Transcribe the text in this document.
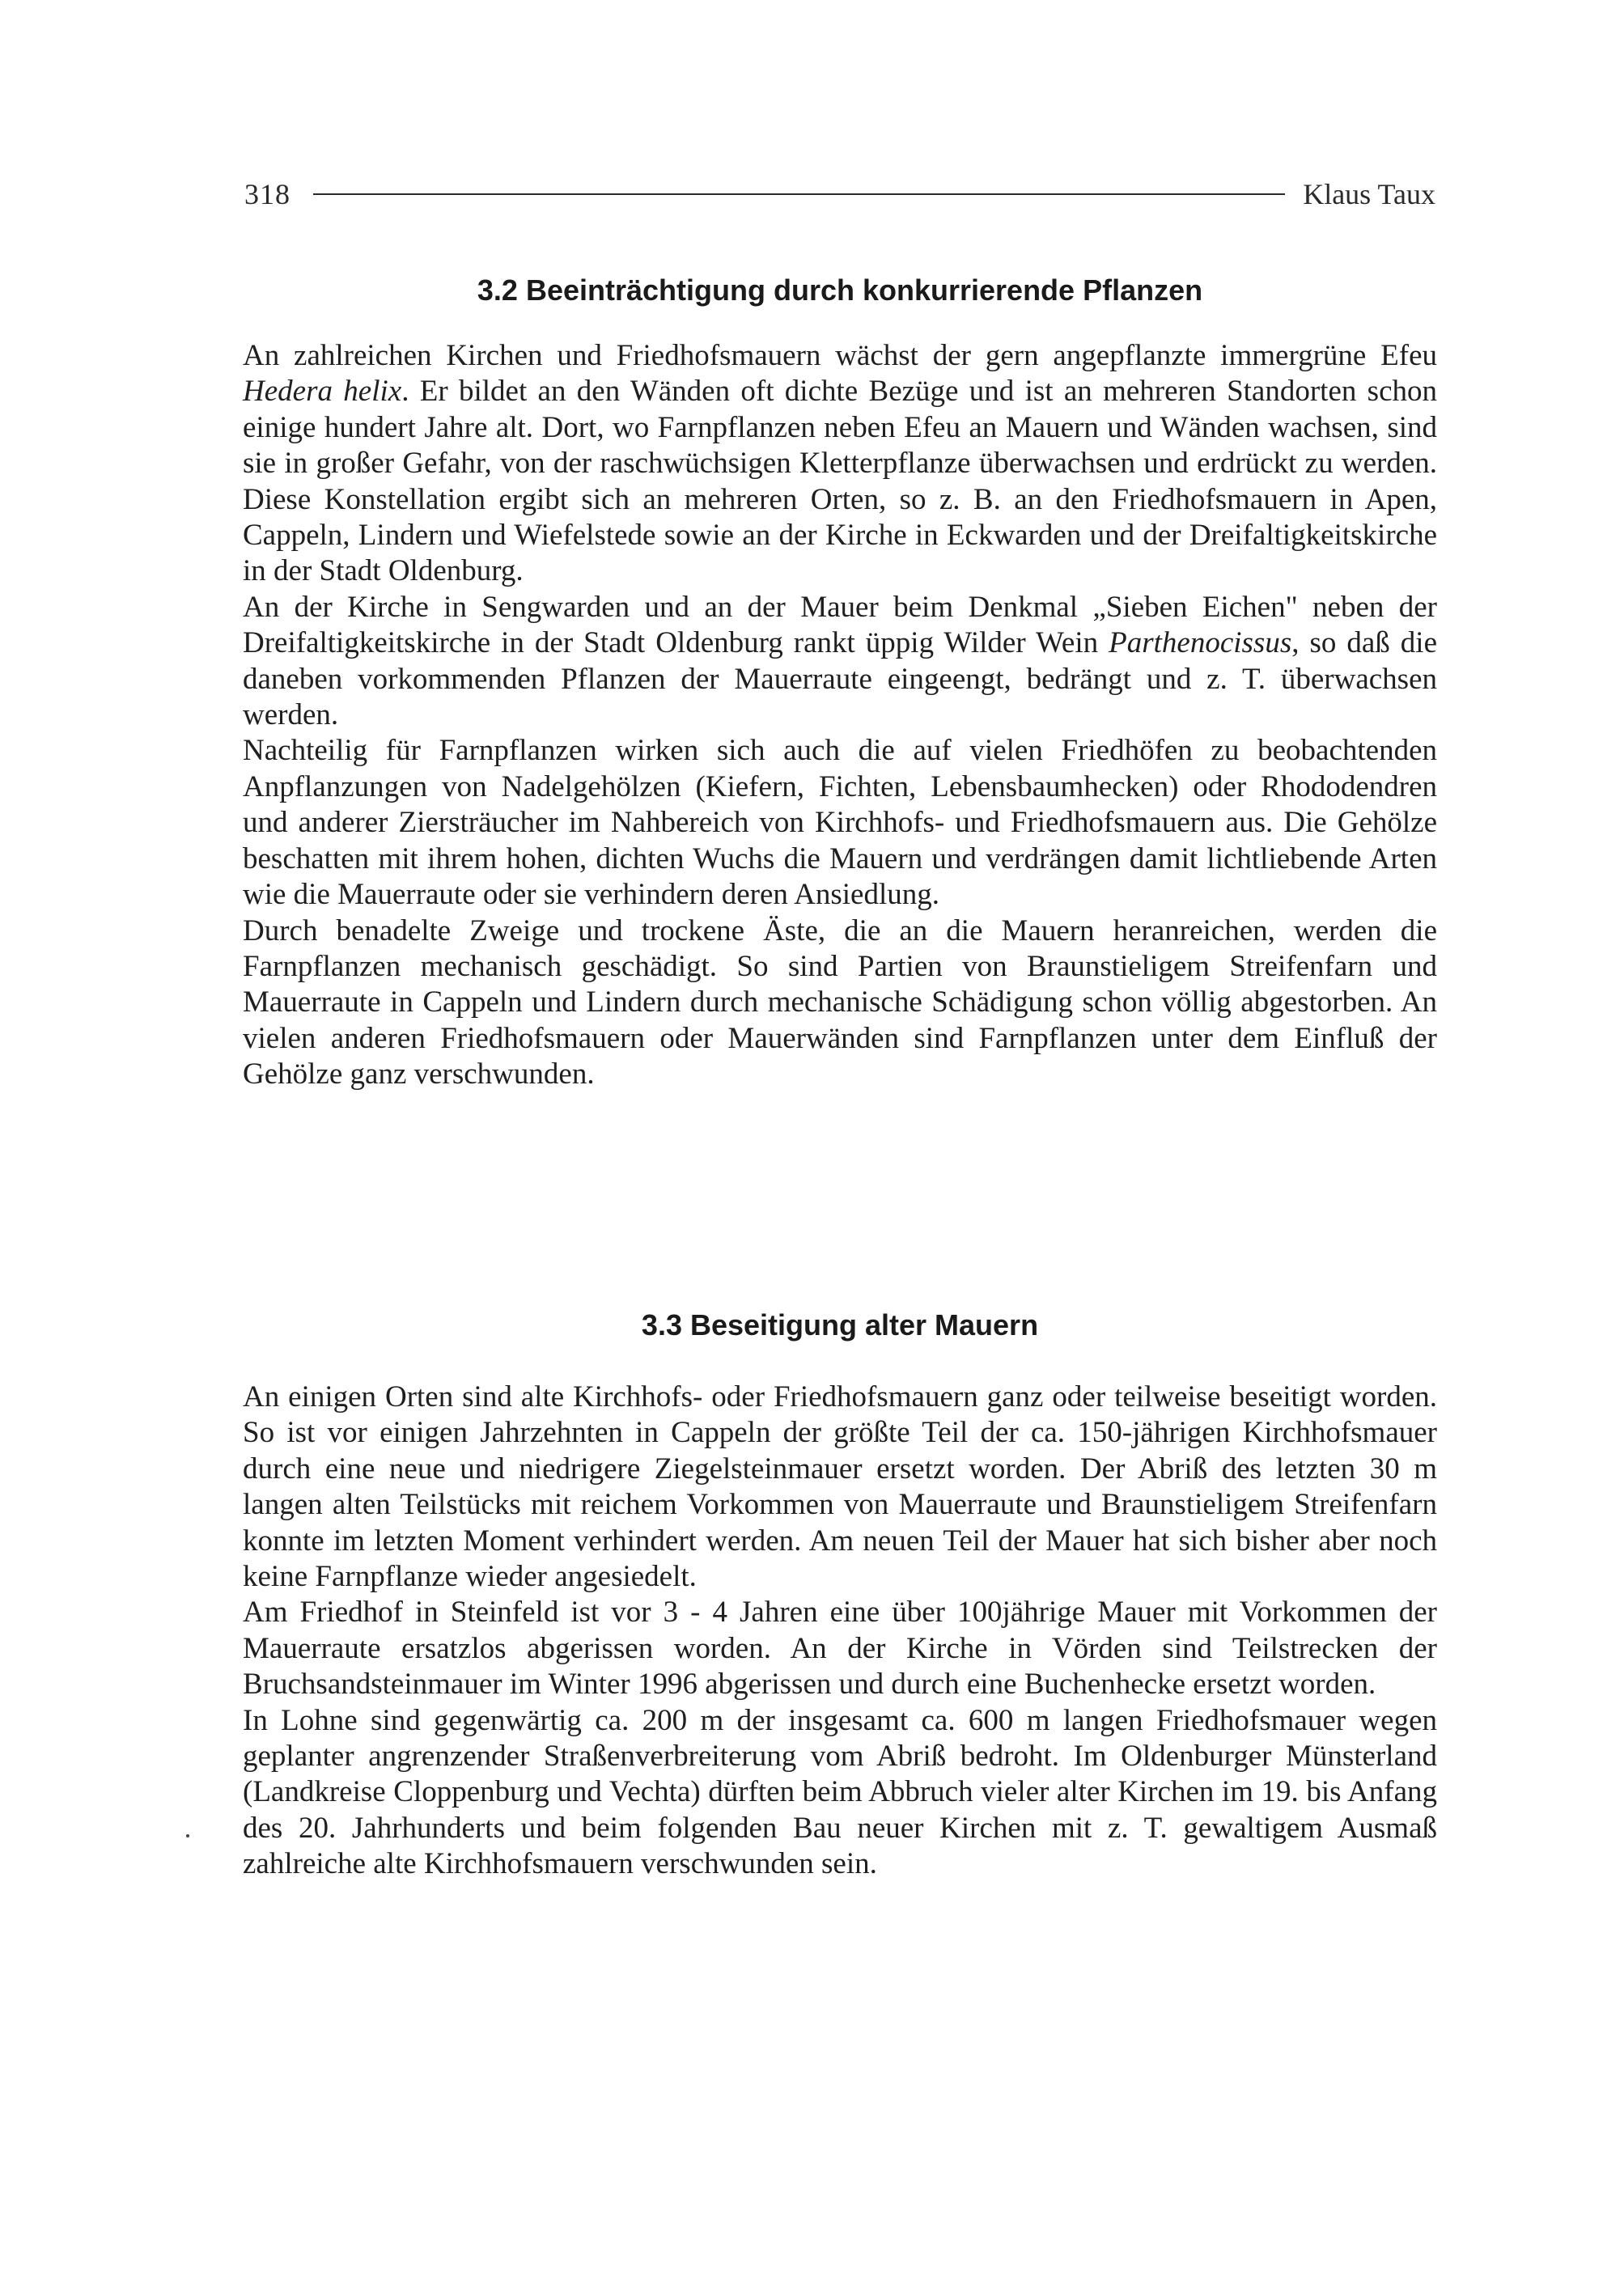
318	Klaus Taux
3.2 Beeinträchtigung durch konkurrierende Pflanzen

An zahlreichen Kirchen und Friedhofsmauern wächst der gern angepflanzte immergrüne Efeu Hedera helix. Er bildet an den Wänden oft dichte Bezüge und ist an mehreren Standorten schon einige hundert Jahre alt. Dort, wo Farnpflanzen neben Efeu an Mauern und Wänden wachsen, sind sie in großer Gefahr, von der raschwüchsigen Kletterpflanze überwachsen und erdrückt zu werden. Diese Konstellation ergibt sich an mehreren Orten, so z. B. an den Friedhofsmauern in Apen, Cappeln, Lindern und Wiefelstede sowie an der Kirche in Eckwarden und der Dreifaltigkeitskirche in der Stadt Oldenburg.

An der Kirche in Sengwarden und an der Mauer beim Denkmal „Sieben Eichen" neben der Dreifaltigkeitskirche in der Stadt Oldenburg rankt üppig Wilder Wein Parthenocissus, so daß die daneben vorkommenden Pflanzen der Mauerraute eingeengt, bedrängt und z. T. überwachsen werden.

Nachteilig für Farnpflanzen wirken sich auch die auf vielen Friedhöfen zu beobachtenden Anpflanzungen von Nadelgehölzen (Kiefern, Fichten, Lebensbaumhecken) oder Rhododendren und anderer Ziersträucher im Nahbereich von Kirchhofs- und Friedhofsmauern aus. Die Gehölze beschatten mit ihrem hohen, dichten Wuchs die Mauern und verdrängen damit lichtliebende Arten wie die Mauerraute oder sie verhindern deren Ansiedlung.

Durch benadelte Zweige und trockene Äste, die an die Mauern heranreichen, werden die Farnpflanzen mechanisch geschädigt. So sind Partien von Braunstieligem Streifenfarn und Mauerraute in Cappeln und Lindern durch mechanische Schädigung schon völlig abgestorben. An vielen anderen Friedhofsmauern oder Mauerwänden sind Farnpflanzen unter dem Einfluß der Gehölze ganz verschwunden.

3.3 Beseitigung alter Mauern

An einigen Orten sind alte Kirchhofs- oder Friedhofsmauern ganz oder teilweise beseitigt worden. So ist vor einigen Jahrzehnten in Cappeln der größte Teil der ca. 150-jährigen Kirchhofsmauer durch eine neue und niedrigere Ziegelsteinmauer ersetzt worden. Der Abriß des letzten 30 m langen alten Teilstücks mit reichem Vorkommen von Mauerraute und Braunstieligem Streifenfarn konnte im letzten Moment verhindert werden. Am neuen Teil der Mauer hat sich bisher aber noch keine Farnpflanze wieder angesiedelt.

Am Friedhof in Steinfeld ist vor 3 - 4 Jahren eine über 100jährige Mauer mit Vorkommen der Mauerraute ersatzlos abgerissen worden. An der Kirche in Vörden sind Teilstrecken der Bruchsandsteinmauer im Winter 1996 abgerissen und durch eine Buchenhecke ersetzt worden.

In Lohne sind gegenwärtig ca. 200 m der insgesamt ca. 600 m langen Friedhofsmauer wegen geplanter angrenzender Straßenverbreiterung vom Abriß bedroht. Im Oldenburger Münsterland (Landkreise Cloppenburg und Vechta) dürften beim Abbruch vieler alter Kirchen im 19. bis Anfang des 20. Jahrhunderts und beim folgenden Bau neuer Kirchen mit z. T. gewaltigem Ausmaß zahlreiche alte Kirchhofsmauern verschwunden sein.
